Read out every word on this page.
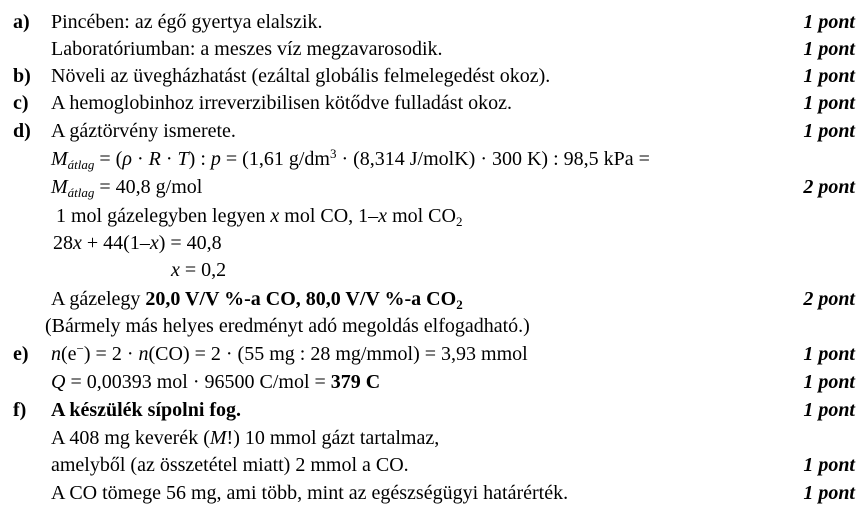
a) Pincében: az égő gyertya elalszik.	1 pont
Laboratóriumban: a meszes víz megzavarosodik.	1 pont
b) Növeli az üvegházhatást (ezáltal globális felmelegedést okoz).	1 pont
c) A hemoglobinhoz irreverzibilisen kötődve fulladást okoz.	1 pont
d) A gáztörvény ismerete.	1 pont
$M_{átlag} = (\rho \cdot R \cdot T)$ : p = (1,61 $g/dm^3 \cdot (8,314$ J/molK) · 300 K) : 98,5 kPa =
$M_{átlag} = 40,8$ g/mol	2 pont
1 mol gázelegyben legyen x mol CO, 1–x mol $CO_2$
28x + 44(1–x) = 40,8
x = 0,2
A gázelegy 20,0 V/V %-a CO, 80,0 V/V %-a $CO_2$	2 pont
(Bármely más helyes eredményt adó megoldás elfogadható.)
e) n(e−) = 2 · n(CO) = 2 · (55 mg : 28 mg/mmol) = 3,93 mmol	1 pont
Q = 0,00393 mol · 96500 C/mol = 379 C	1 pont
f) A készülék sípolni fog.	1 pont
A 408 mg keverék (M!) 10 mmol gázt tartalmaz,
amelyből (az összetétel miatt) 2 mmol a CO.	1 pont
A CO tömege 56 mg, ami több, mint az egészségügyi határérték.	1 pont
